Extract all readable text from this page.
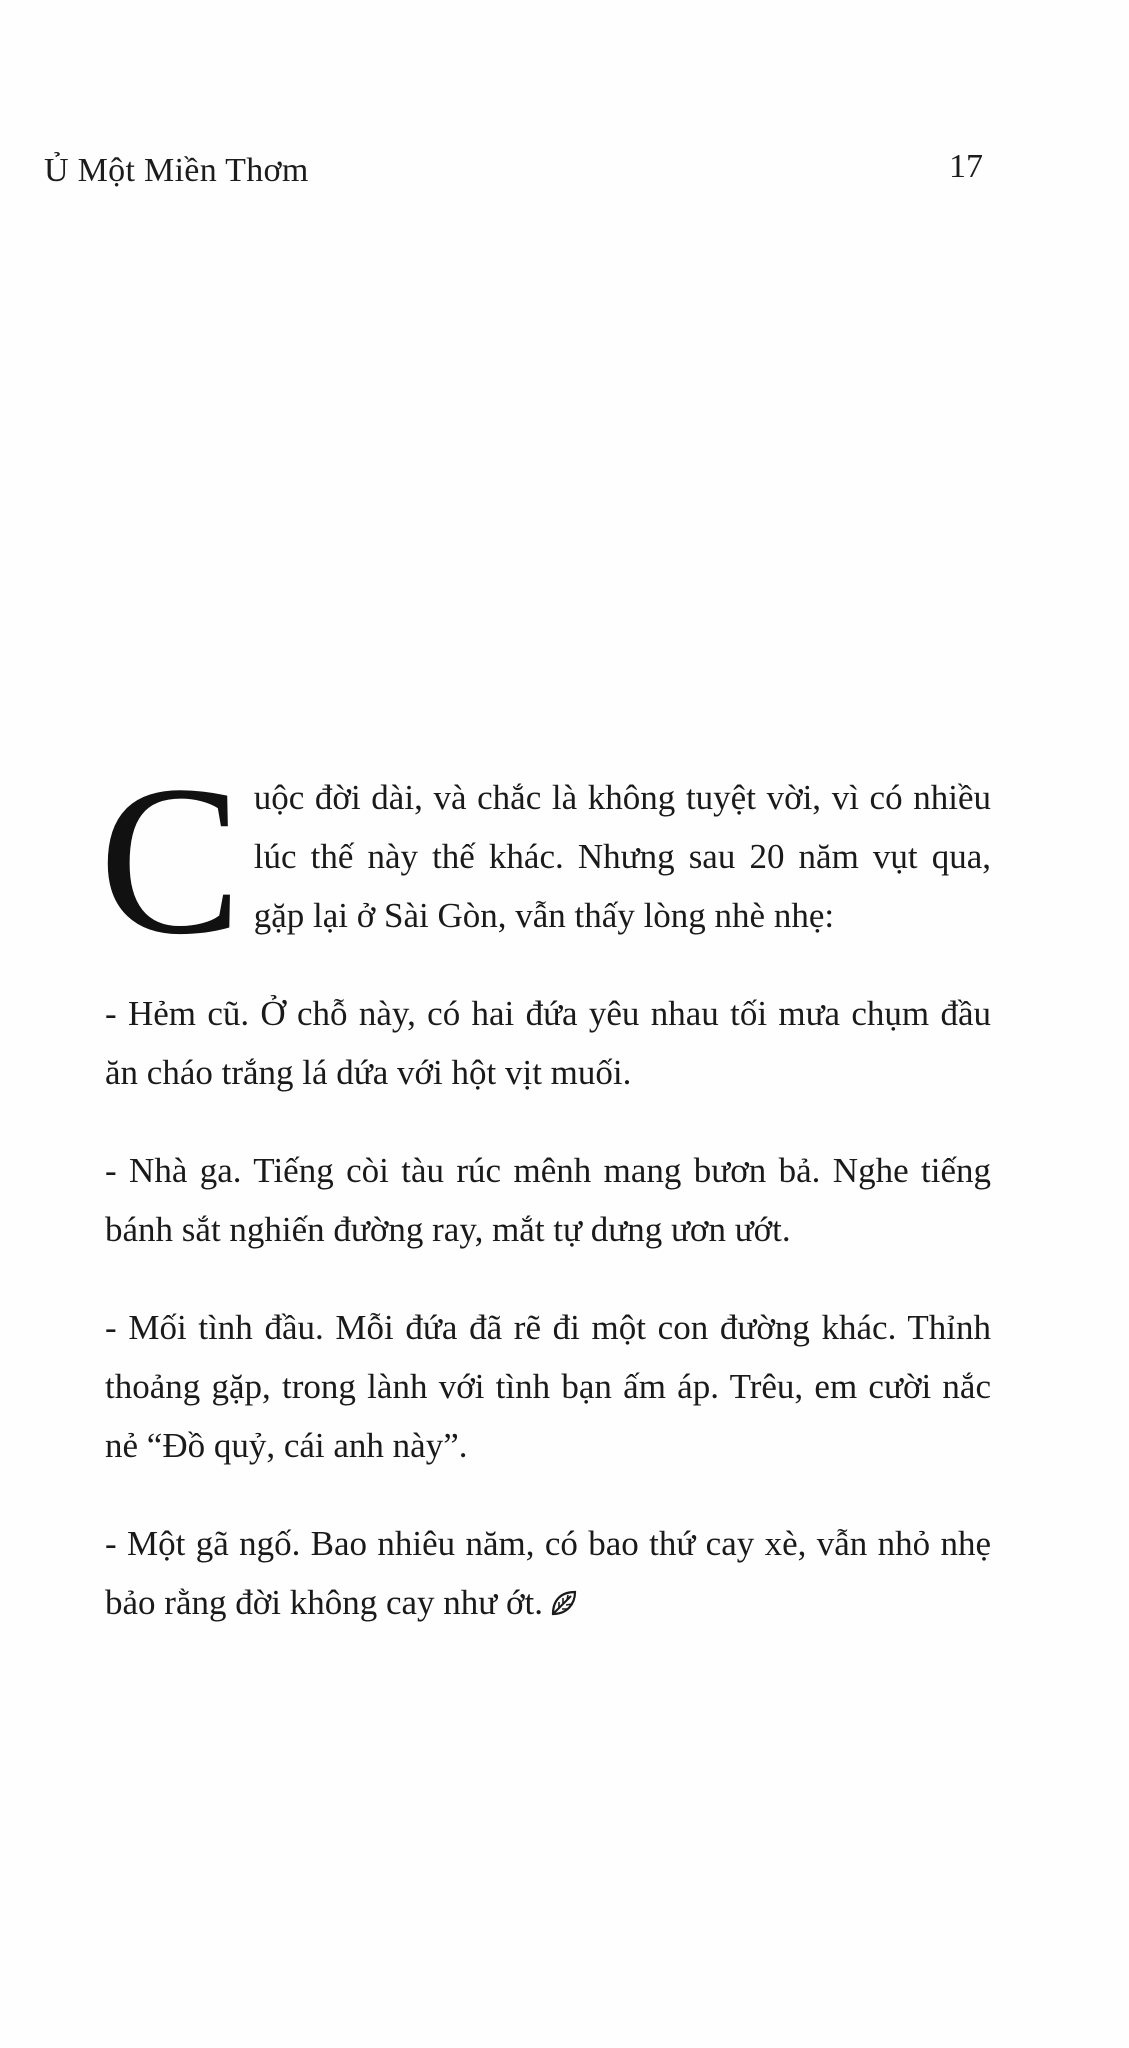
Ủ Một Miền Thơm	17

Cuộc đời dài, và chắc là không tuyệt vời, vì có nhiều lúc thế này thế khác. Nhưng sau 20 năm vụt qua, gặp lại ở Sài Gòn, vẫn thấy lòng nhè nhẹ:

- Hẻm cũ. Ở chỗ này, có hai đứa yêu nhau tối mưa chụm đầu ăn cháo trắng lá dứa với hột vịt muối.

- Nhà ga. Tiếng còi tàu rúc mênh mang bươn bả. Nghe tiếng bánh sắt nghiến đường ray, mắt tự dưng ươn ướt.

- Mối tình đầu. Mỗi đứa đã rẽ đi một con đường khác. Thỉnh thoảng gặp, trong lành với tình bạn ấm áp. Trêu, em cười nắc nẻ “Đồ quỷ, cái anh này”.

- Một gã ngố. Bao nhiêu năm, có bao thứ cay xè, vẫn nhỏ nhẹ bảo rằng đời không cay như ớt.
